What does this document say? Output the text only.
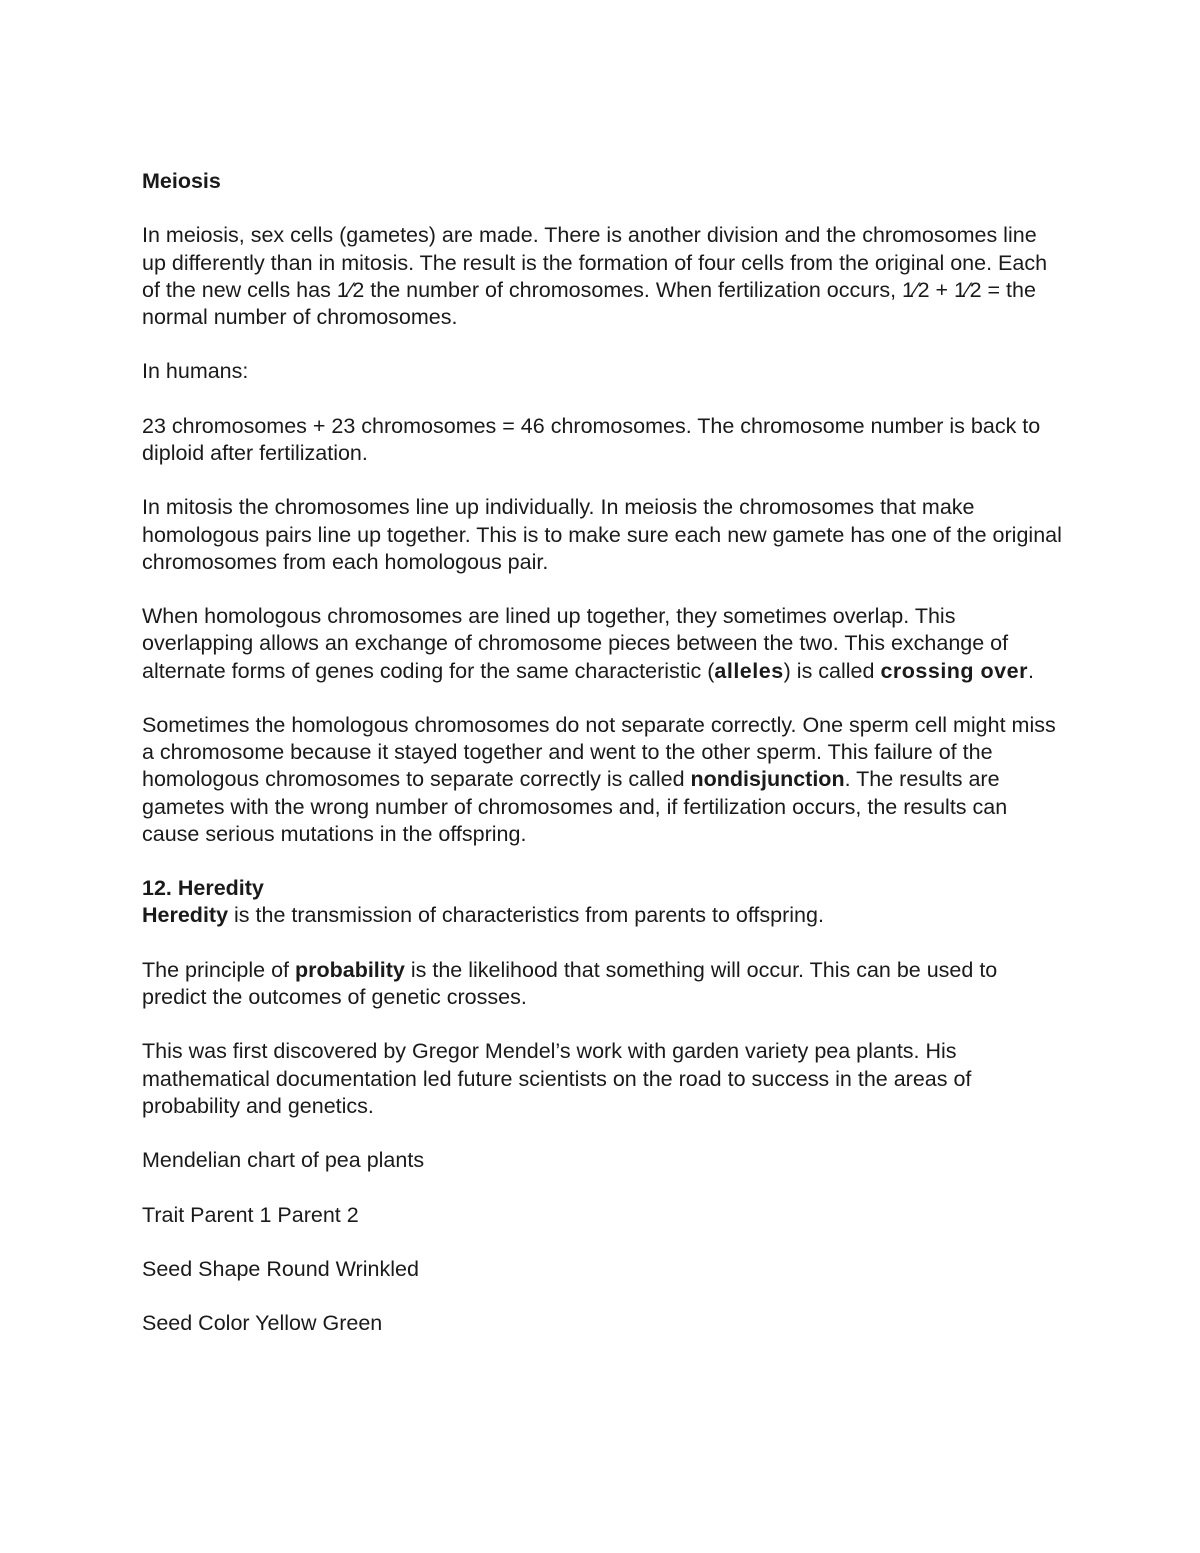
Meiosis

In meiosis, sex cells (gametes) are made. There is another division and the chromosomes line up differently than in mitosis. The result is the formation of four cells from the original one. Each of the new cells has 1⁄2 the number of chromosomes. When fertilization occurs, 1⁄2 + 1⁄2 = the normal number of chromosomes.

In humans:

23 chromosomes + 23 chromosomes = 46 chromosomes. The chromosome number is back to diploid after fertilization.

In mitosis the chromosomes line up individually. In meiosis the chromosomes that make homologous pairs line up together. This is to make sure each new gamete has one of the original chromosomes from each homologous pair.

When homologous chromosomes are lined up together, they sometimes overlap. This overlapping allows an exchange of chromosome pieces between the two. This exchange of alternate forms of genes coding for the same characteristic (alleles) is called crossing over.

Sometimes the homologous chromosomes do not separate correctly. One sperm cell might miss a chromosome because it stayed together and went to the other sperm. This failure of the homologous chromosomes to separate correctly is called nondisjunction. The results are gametes with the wrong number of chromosomes and, if fertilization occurs, the results can cause serious mutations in the offspring.

12. Heredity

Heredity is the transmission of characteristics from parents to offspring.

The principle of probability is the likelihood that something will occur. This can be used to predict the outcomes of genetic crosses.

This was first discovered by Gregor Mendel’s work with garden variety pea plants. His mathematical documentation led future scientists on the road to success in the areas of probability and genetics.

Mendelian chart of pea plants

Trait Parent 1 Parent 2

Seed Shape Round Wrinkled

Seed Color Yellow Green
